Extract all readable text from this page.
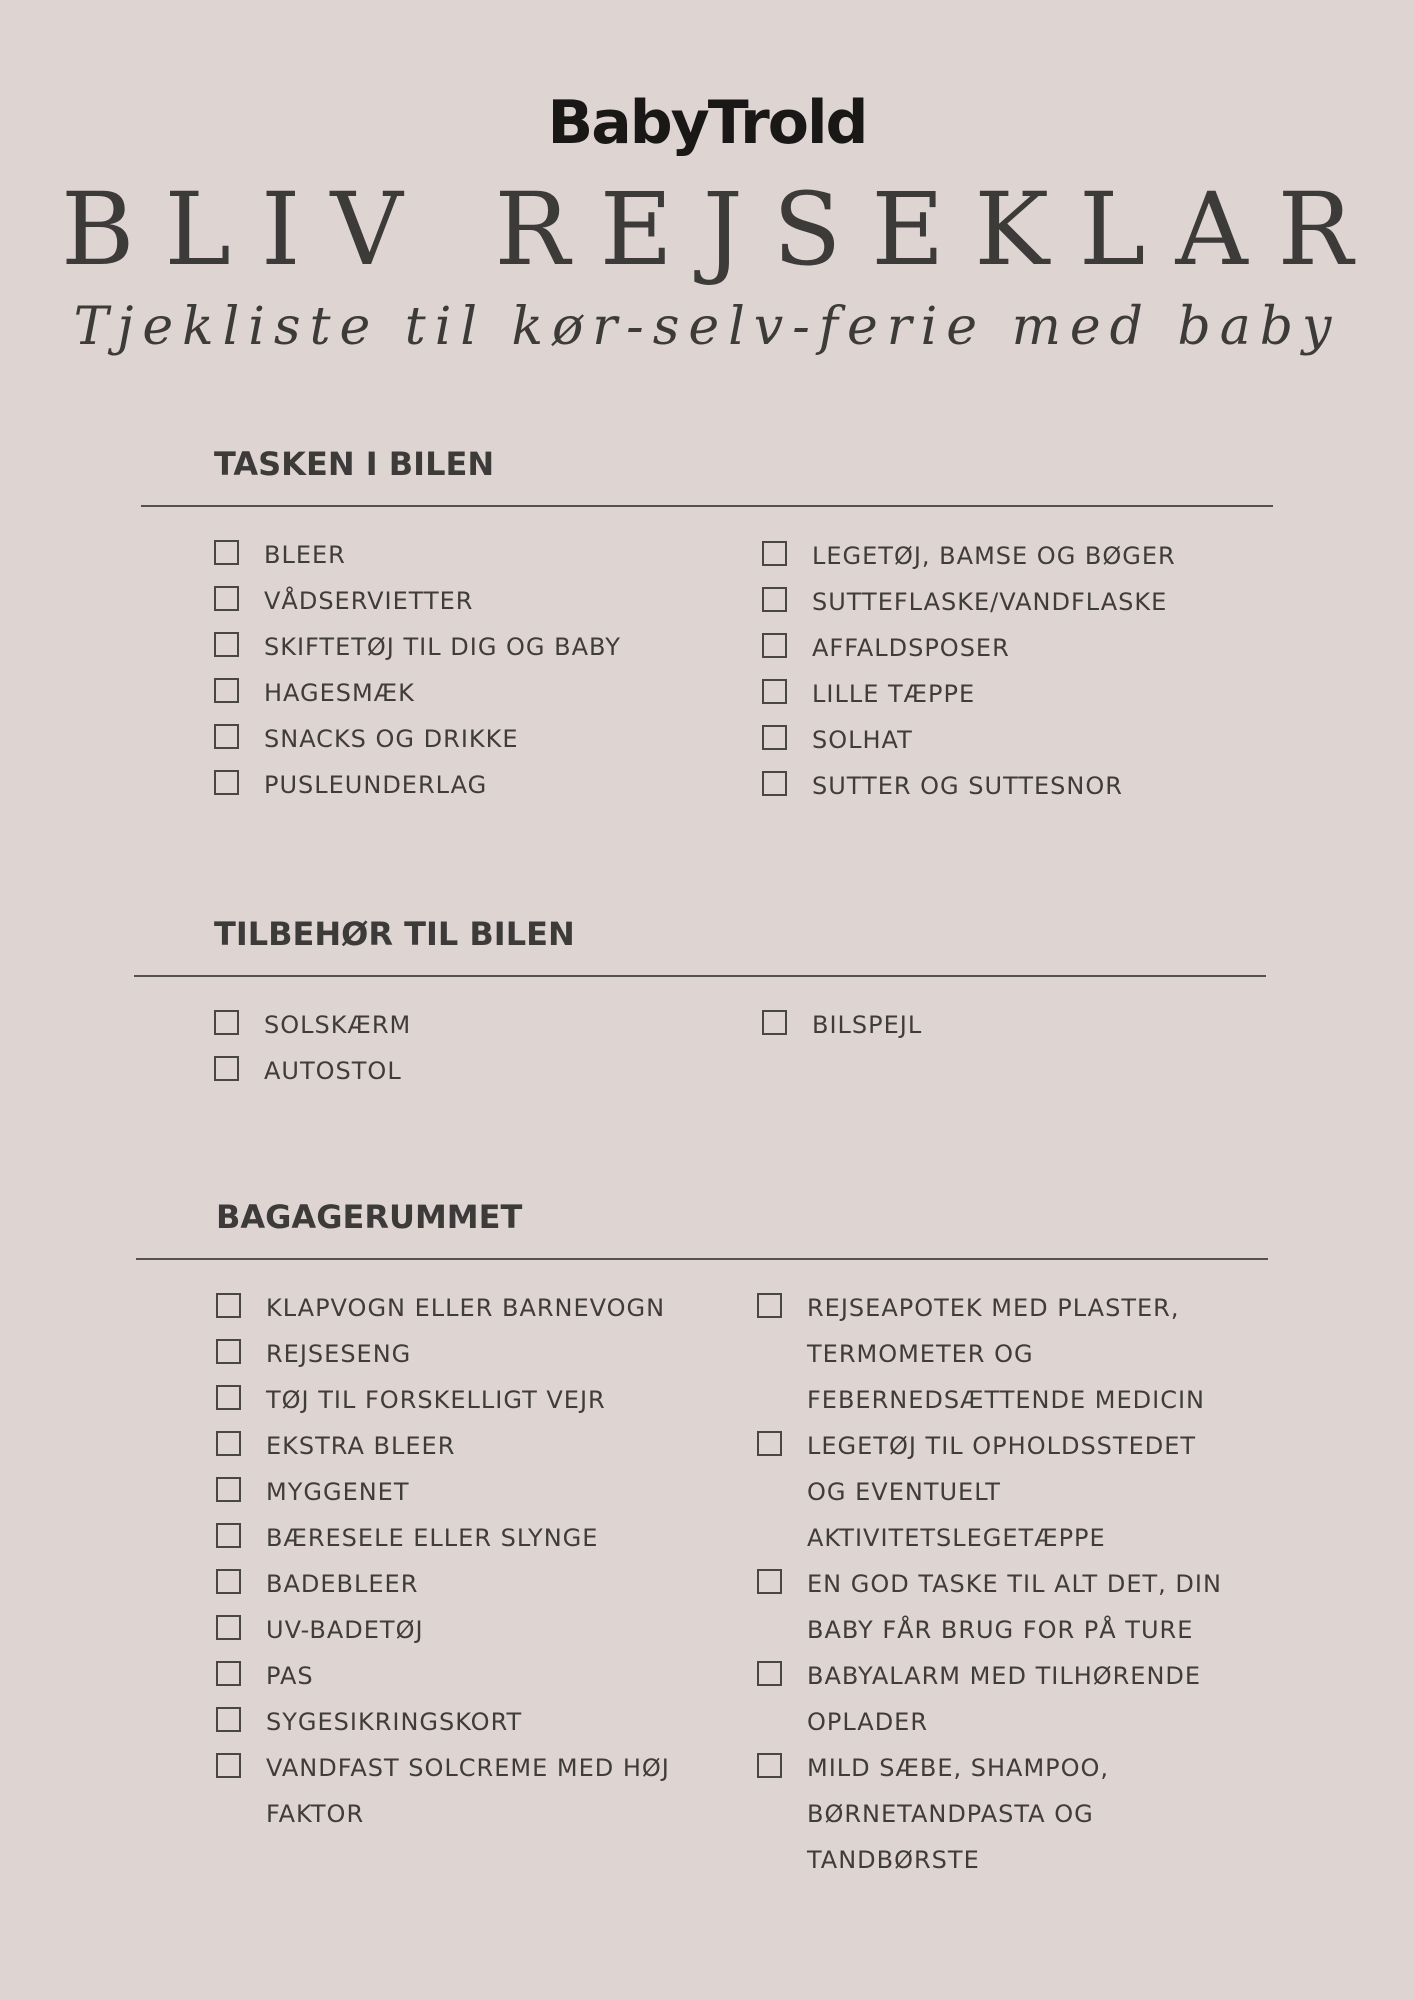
BabyTrold
BLIV REJSEKLAR
Tjekliste til kør-selv-ferie med baby
TASKEN I BILEN
BLEER
VÅDSERVIETTER
SKIFTETØJ TIL DIG OG BABY
HAGESMÆK
SNACKS OG DRIKKE
PUSLEUNDERLAG
LEGETØJ, BAMSE OG BØGER
SUTTEFLASKE/VANDFLASKE
AFFALDSPOSER
LILLE TÆPPE
SOLHAT
SUTTER OG SUTTESNOR
TILBEHØR TIL BILEN
SOLSKÆRM
AUTOSTOL
BILSPEJL
BAGAGERUMMET
KLAPVOGN ELLER BARNEVOGN
REJSESENG
TØJ TIL FORSKELLIGT VEJR
EKSTRA BLEER
MYGGENET
BÆRESELE ELLER SLYNGE
BADEBLEER
UV-BADETØJ
PAS
SYGESIKRINGSKORT
VANDFAST SOLCREME MED HØJ FAKTOR
REJSEAPOTEK MED PLASTER, TERMOMETER OG FEBERNEDSÆTTENDE MEDICIN
LEGETØJ TIL OPHOLDSSTEDET OG EVENTUELT AKTIVITETSLEGETÆPPE
EN GOD TASKE TIL ALT DET, DIN BABY FÅR BRUG FOR PÅ TURE
BABYALARM MED TILHØRENDE OPLADER
MILD SÆBE, SHAMPOO, BØRNETANDPASTA OG TANDBØRSTE
